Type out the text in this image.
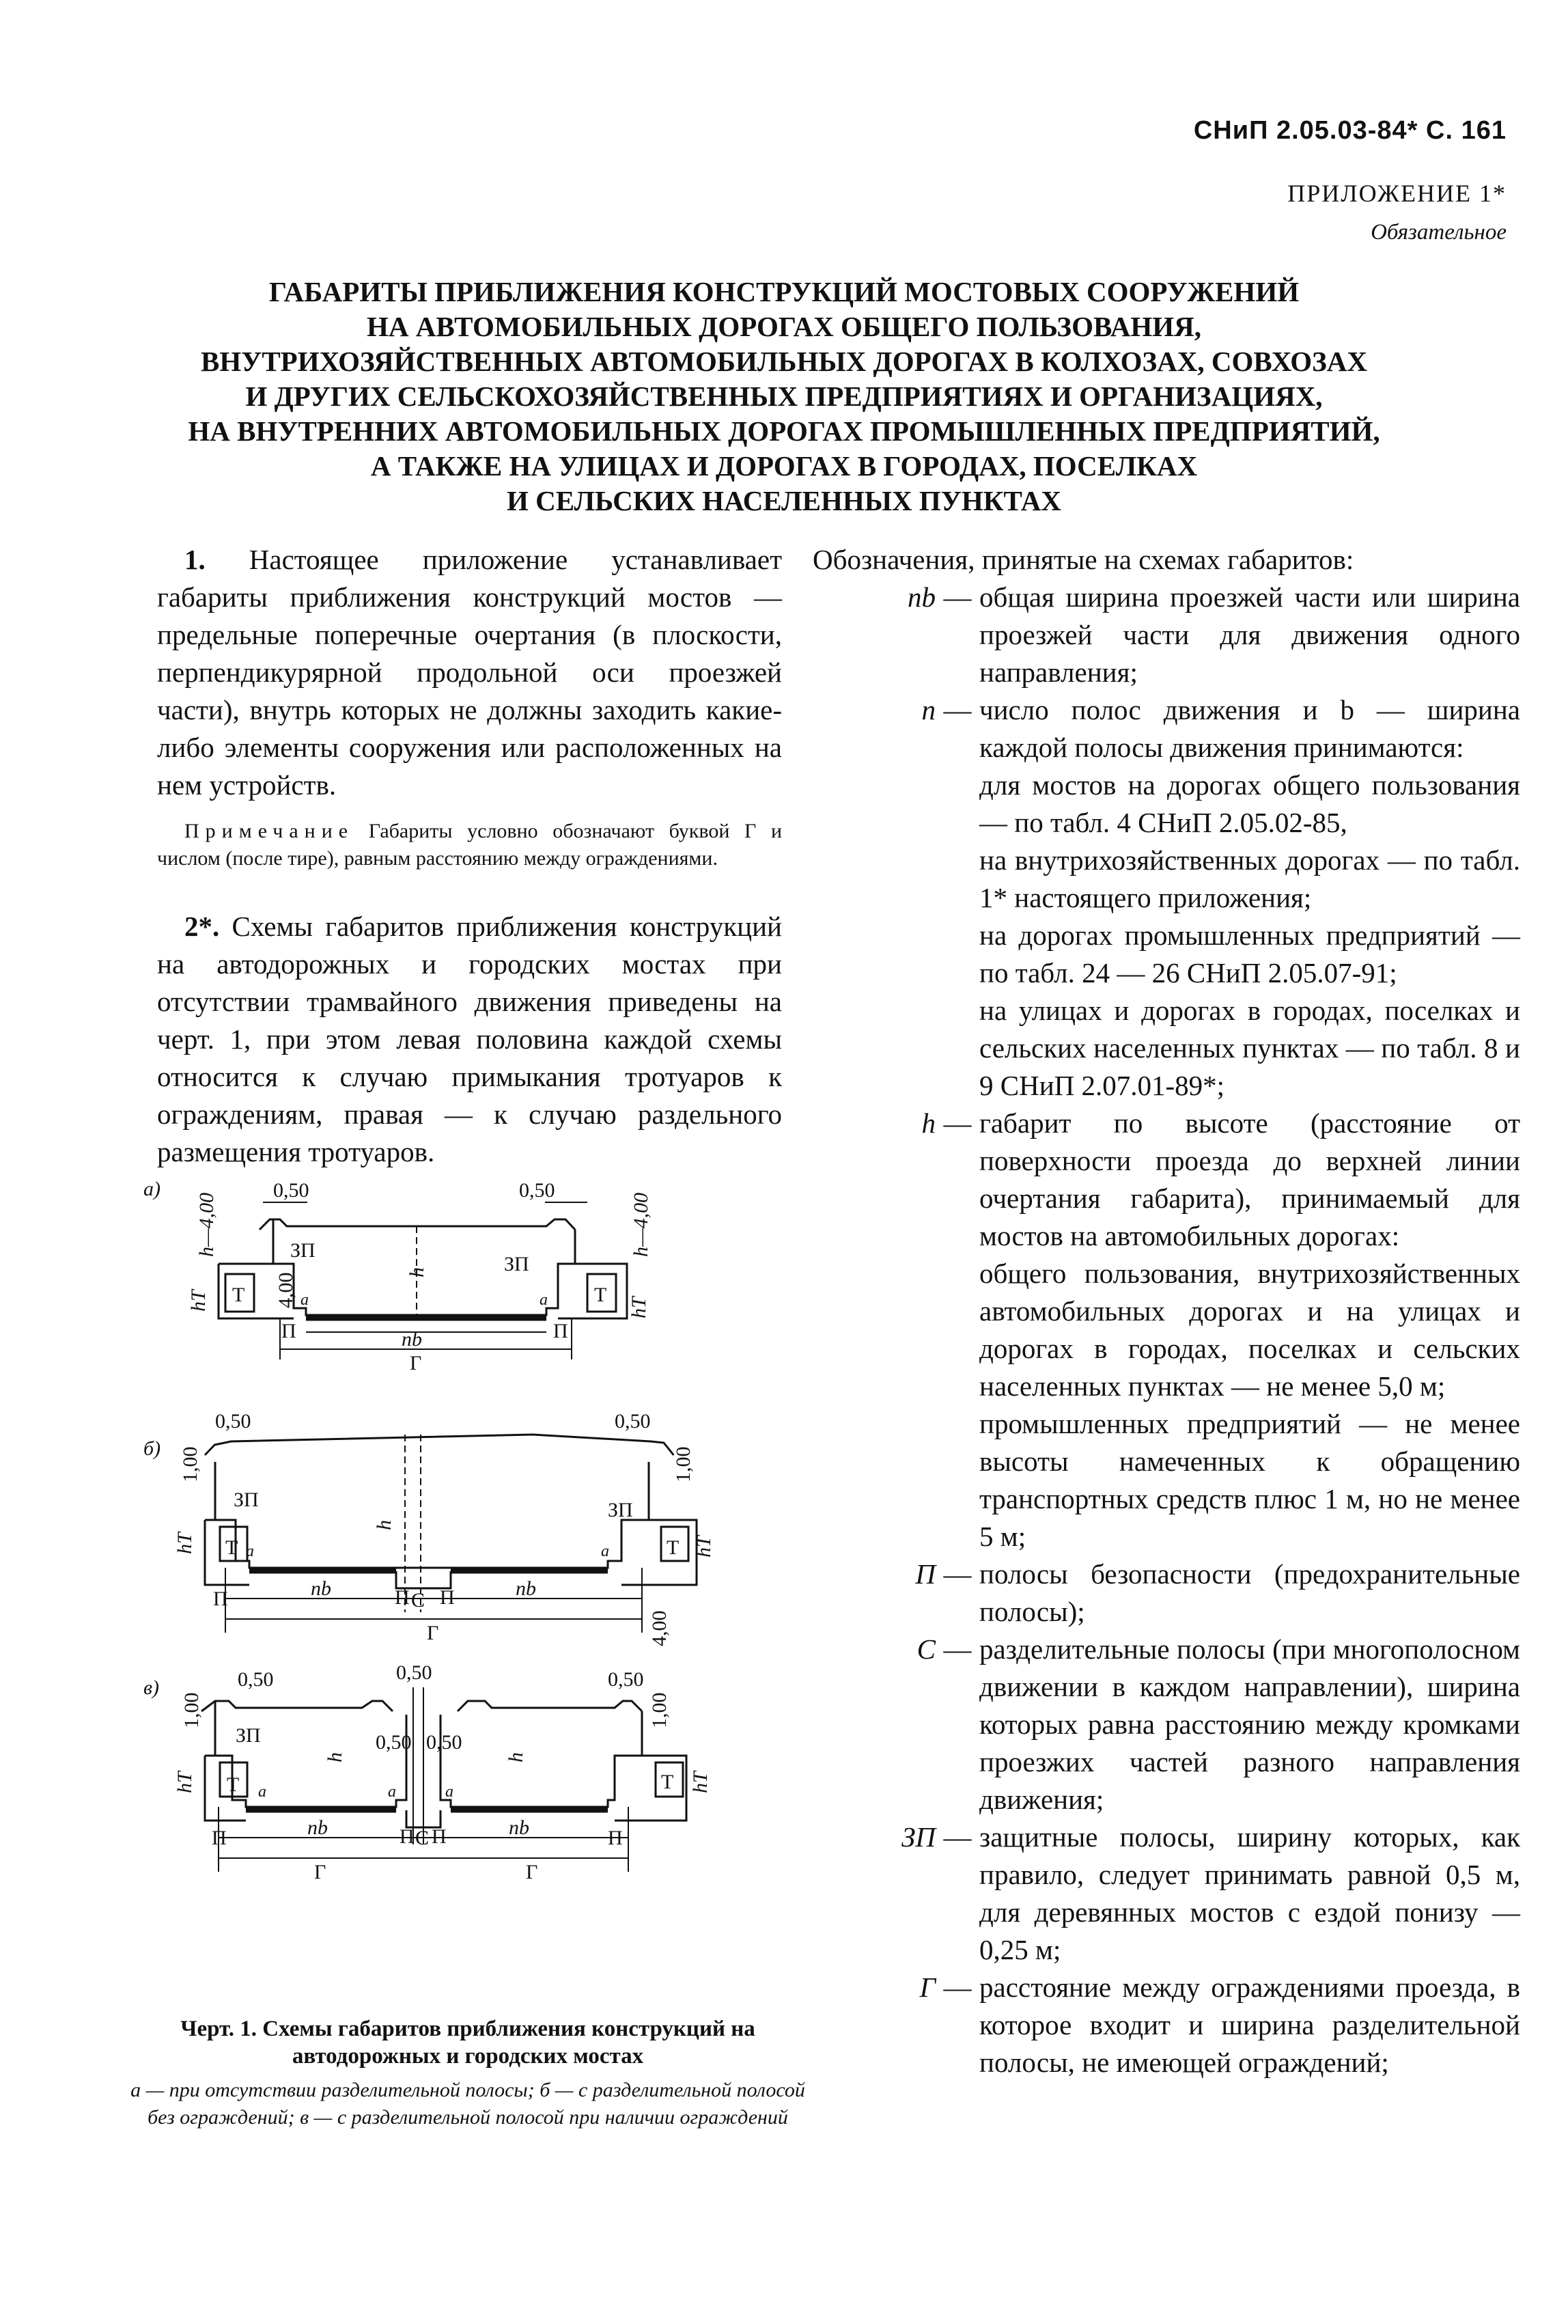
СНиП 2.05.03-84* С. 161
ПРИЛОЖЕНИЕ 1*
Обязательное
ГАБАРИТЫ ПРИБЛИЖЕНИЯ КОНСТРУКЦИЙ МОСТОВЫХ СООРУЖЕНИЙ
НА АВТОМОБИЛЬНЫХ ДОРОГАХ ОБЩЕГО ПОЛЬЗОВАНИЯ,
ВНУТРИХОЗЯЙСТВЕННЫХ АВТОМОБИЛЬНЫХ ДОРОГАХ В КОЛХОЗАХ, СОВХОЗАХ
И ДРУГИХ СЕЛЬСКОХОЗЯЙСТВЕННЫХ ПРЕДПРИЯТИЯХ И ОРГАНИЗАЦИЯХ,
НА ВНУТРЕННИХ АВТОМОБИЛЬНЫХ ДОРОГАХ ПРОМЫШЛЕННЫХ ПРЕДПРИЯТИЙ,
А ТАКЖЕ НА УЛИЦАХ И ДОРОГАХ В ГОРОДАХ, ПОСЕЛКАХ
И СЕЛЬСКИХ НАСЕЛЕННЫХ ПУНКТАХ

1. Настоящее приложение устанавливает габариты приближения конструкций мостов — предельные поперечные очертания (в плоскости, перпендикурярной продольной оси проезжей части), внутрь которых не должны заходить какие-либо элементы сооружения или расположенных на нем устройств.

Примечание Габариты условно обозначают буквой Г и числом (после тире), равным расстоянию между ограждениями.

2*. Схемы габаритов приближения конструкций на автодорожных и городских мостах при отсутствии трамвайного движения приведены на черт. 1, при этом левая половина каждой схемы относится к случаю примыкания тротуаров к ограждениям, правая — к случаю раздельного размещения тротуаров.

а)
б)
в)
0,50	0,50
ЗП
ЗП
Т	Т
nb
Г
П	П
a	a
h
h—4,00	h—4,00
4,00
hТ	hТ
0,50	0,50
1,00	1,00
ЗП	ЗП
Т	Т
a	a
h
П	П С П
nb	nb
Г	4,00
hТ	hТ
0,50	0,50	0,50
1,00	1,00
ЗП	0,50 0,50
Т	Т
a	a	a
h	h
П	П С П	П
nb	nb
Г	Г
hТ	hТ
Черт. 1. Схемы габаритов приближения конструкций на автодорожных и городских мостах
а — при отсутствии разделительной полосы; б — с разделительной полосой без ограждений; в — с разделительной полосой при наличии ограждений

Обозначения, принятые на схемах габаритов:

nb — общая ширина проезжей части или ширина проезжей части для движения одного направления;
n — число полос движения и b — ширина каждой полосы движения принимаются:
для мостов на дорогах общего пользования — по табл. 4 СНиП 2.05.02-85,
на внутрихозяйственных дорогах — по табл. 1* настоящего приложения;
на дорогах промышленных предприятий — по табл. 24 — 26 СНиП 2.05.07-91;
на улицах и дорогах в городах, поселках и сельских населенных пунктах — по табл. 8 и 9 СНиП 2.07.01-89*;
h — габарит по высоте (расстояние от поверхности проезда до верхней линии очертания габарита), принимаемый для мостов на автомобильных дорогах:
общего пользования, внутрихозяйственных автомобильных дорогах и на улицах и дорогах в городах, поселках и сельских населенных пунктах — не менее 5,0 м;
промышленных предприятий — не менее высоты намеченных к обращению транспортных средств плюс 1 м, но не менее 5 м;
П — полосы безопасности (предохранительные полосы);
С — разделительные полосы (при многополосном движении в каждом направлении), ширина которых равна расстоянию между кромками проезжих частей разного направления движения;
ЗП — защитные полосы, ширину которых, как правило, следует принимать равной 0,5 м, для деревянных мостов с ездой понизу — 0,25 м;
Г — расстояние между ограждениями проезда, в которое входит и ширина разделительной полосы, не имеющей ограждений;
